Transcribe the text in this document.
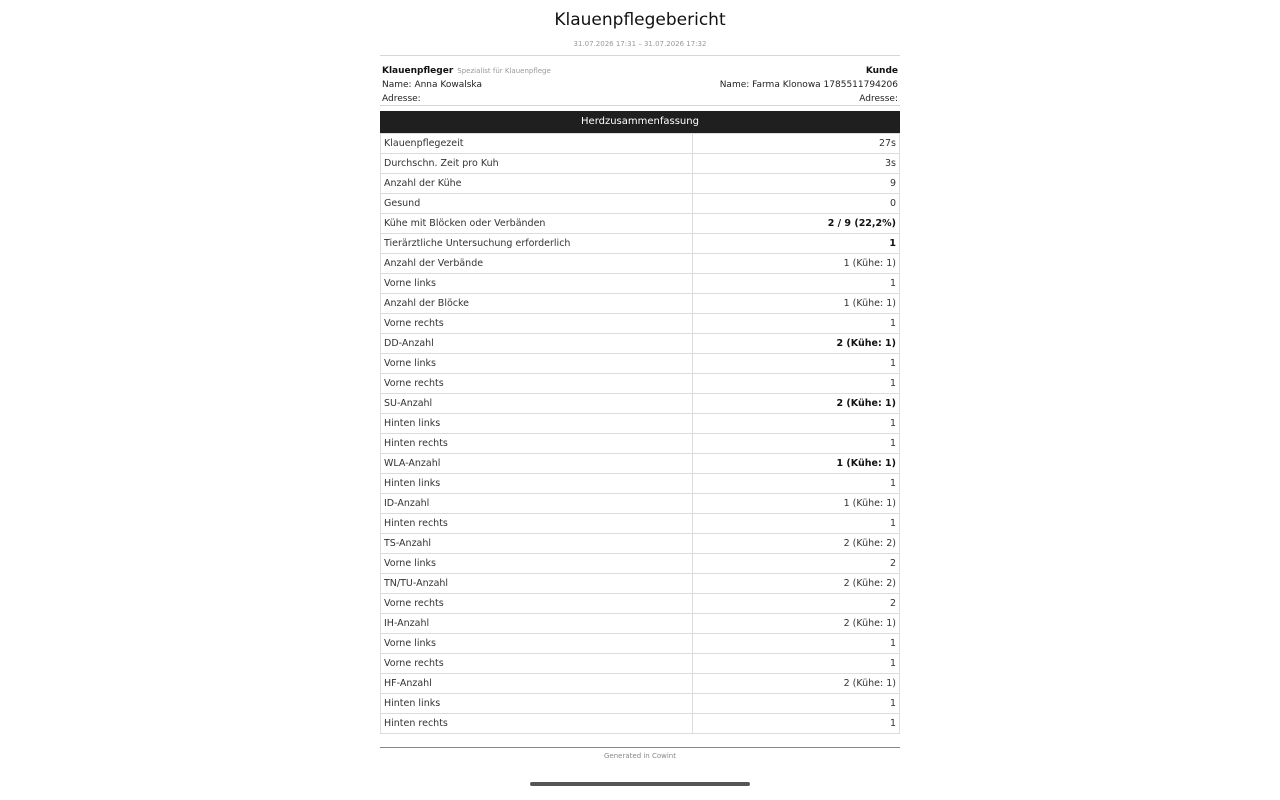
Klauenpflegebericht
31.07.2026 17:31 – 31.07.2026 17:32
Klauenpfleger Spezialist für Klauenpflege
Name: Anna Kowalska
Adresse:
Kunde
Name: Farma Klonowa 1785511794206
Adresse:
Herdzusammenfassung
Klauenpflegezeit	27s
Durchschn. Zeit pro Kuh	3s
Anzahl der Kühe	9
Gesund	0
Kühe mit Blöcken oder Verbänden	2 / 9 (22,2%)
Tierärztliche Untersuchung erforderlich	1
Anzahl der Verbände	1 (Kühe: 1)
Vorne links	1
Anzahl der Blöcke	1 (Kühe: 1)
Vorne rechts	1
DD-Anzahl	2 (Kühe: 1)
Vorne links	1
Vorne rechts	1
SU-Anzahl	2 (Kühe: 1)
Hinten links	1
Hinten rechts	1
WLA-Anzahl	1 (Kühe: 1)
Hinten links	1
ID-Anzahl	1 (Kühe: 1)
Hinten rechts	1
TS-Anzahl	2 (Kühe: 2)
Vorne links	2
TN/TU-Anzahl	2 (Kühe: 2)
Vorne rechts	2
IH-Anzahl	2 (Kühe: 1)
Vorne links	1
Vorne rechts	1
HF-Anzahl	2 (Kühe: 1)
Hinten links	1
Hinten rechts	1
Generated in Cowint
